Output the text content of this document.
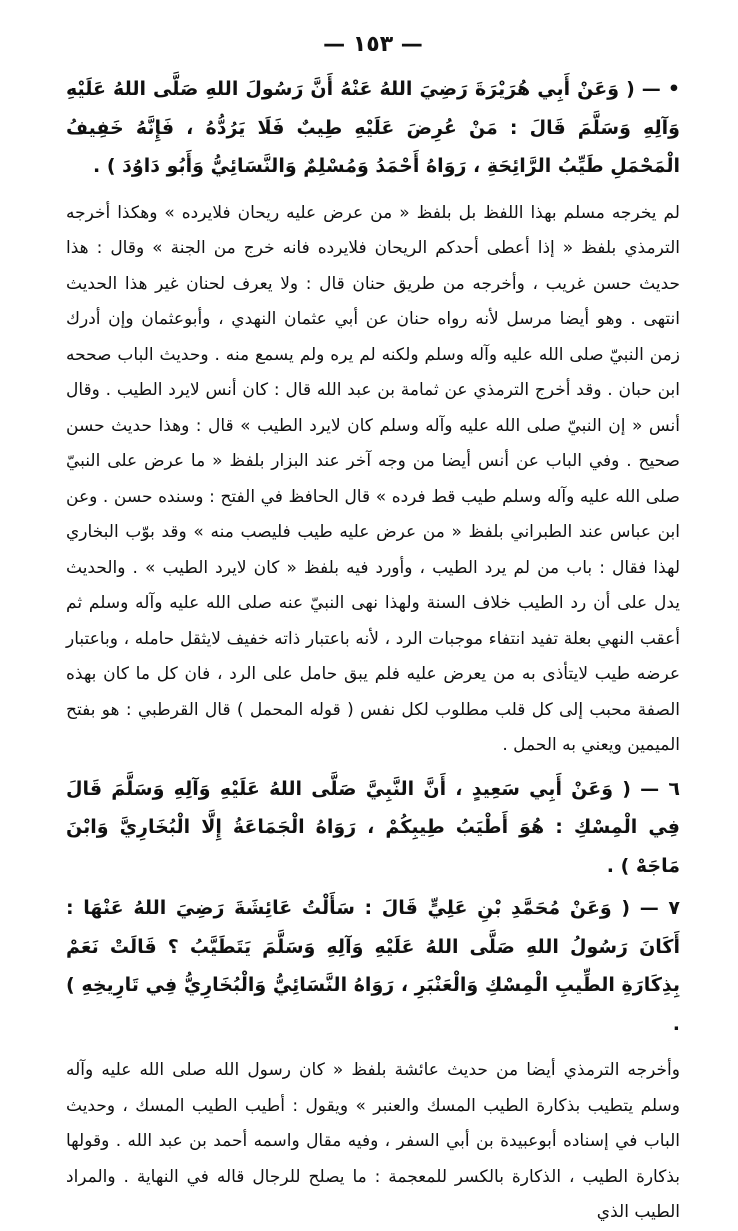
— ١٥٣ —

• — ( وَعَنْ أَبِي هُرَيْرَةَ رَضِيَ اللهُ عَنْهُ أَنَّ رَسُولَ اللهِ صَلَّى اللهُ عَلَيْهِ وَآلِهِ وَسَلَّمَ قَالَ : مَنْ عُرِضَ عَلَيْهِ طِيبٌ فَلَا يَرُدُّهُ ، فَإِنَّهُ خَفِيفُ الْمَحْمَلِ طَيِّبُ الرَّائِحَةِ ، رَوَاهُ أَحْمَدُ وَمُسْلِمٌ وَالنَّسَائِيُّ وَأَبُو دَاوُدَ ) .

لم يخرجه مسلم بهذا اللفظ بل بلفظ « من عرض عليه ريحان فلايرده » وهكذا أخرجه الترمذي بلفظ « إذا أعطى أحدكم الريحان فلايرده فانه خرج من الجنة » وقال : هذا حديث حسن غريب ، وأخرجه من طريق حنان قال : ولا يعرف لحنان غير هذا الحديث انتهى . وهو أيضا مرسل لأنه رواه حنان عن أبي عثمان النهدي ، وأبوعثمان وإن أدرك زمن النبيّ صلى الله عليه وآله وسلم ولكنه لم يره ولم يسمع منه . وحديث الباب صححه ابن حبان . وقد أخرج الترمذي عن ثمامة بن عبد الله قال : كان أنس لايرد الطيب . وقال أنس « إن النبيّ صلى الله عليه وآله وسلم كان لايرد الطيب » قال : وهذا حديث حسن صحيح . وفي الباب عن أنس أيضا من وجه آخر عند البزار بلفظ « ما عرض على النبيّ صلى الله عليه وآله وسلم طيب قط فرده » قال الحافظ في الفتح : وسنده حسن . وعن ابن عباس عند الطبراني بلفظ « من عرض عليه طيب فليصب منه » وقد بوّب البخاري لهذا فقال : باب من لم يرد الطيب ، وأورد فيه بلفظ « كان لايرد الطيب » . والحديث يدل على أن رد الطيب خلاف السنة ولهذا نهى النبيّ عنه صلى الله عليه وآله وسلم ثم أعقب النهي بعلة تفيد انتفاء موجبات الرد ، لأنه باعتبار ذاته خفيف لايثقل حامله ، وباعتبار عرضه طيب لايتأذى به من يعرض عليه فلم يبق حامل على الرد ، فان كل ما كان بهذه الصفة محبب إلى كل قلب مطلوب لكل نفس ( قوله المحمل ) قال القرطبي : هو بفتح الميمين ويعني به الحمل .

٦ — ( وَعَنْ أَبِي سَعِيدٍ ، أَنَّ النَّبِيَّ صَلَّى اللهُ عَلَيْهِ وَآلِهِ وَسَلَّمَ قَالَ فِي الْمِسْكِ : هُوَ أَطْيَبُ طِيبِكُمْ ، رَوَاهُ الْجَمَاعَةُ إِلَّا الْبُخَارِيَّ وَابْنَ مَاجَهْ ) .

٧ — ( وَعَنْ مُحَمَّدِ بْنِ عَلِيٍّ قَالَ : سَأَلْتُ عَائِشَةَ رَضِيَ اللهُ عَنْهَا : أَكَانَ رَسُولُ اللهِ صَلَّى اللهُ عَلَيْهِ وَآلِهِ وَسَلَّمَ يَتَطَيَّبُ ؟ قَالَتْ نَعَمْ بِذِكَارَةِ الطِّيبِ الْمِسْكِ وَالْعَنْبَرِ ، رَوَاهُ النَّسَائِيُّ وَالْبُخَارِيُّ فِي تَارِيخِهِ ) .

وأخرجه الترمذي أيضا من حديث عائشة بلفظ « كان رسول الله صلى الله عليه وآله وسلم يتطيب بذكارة الطيب المسك والعنبر » ويقول : أطيب الطيب المسك ، وحديث الباب في إسناده أبوعبيدة بن أبي السفر ، وفيه مقال واسمه أحمد بن عبد الله . وقولها بذكارة الطيب ، الذكارة بالكسر للمعجمة : ما يصلح للرجال قاله في النهاية . والمراد الطيب الذي
